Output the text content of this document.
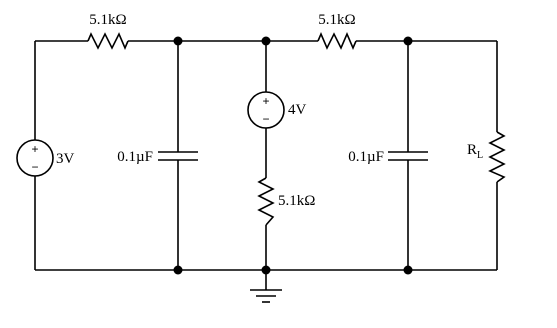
5.1kΩ	5.1kΩ
+
− 3V
+
−
4V
5.1kΩ
0.1µF	0.1µF	$R_L$
